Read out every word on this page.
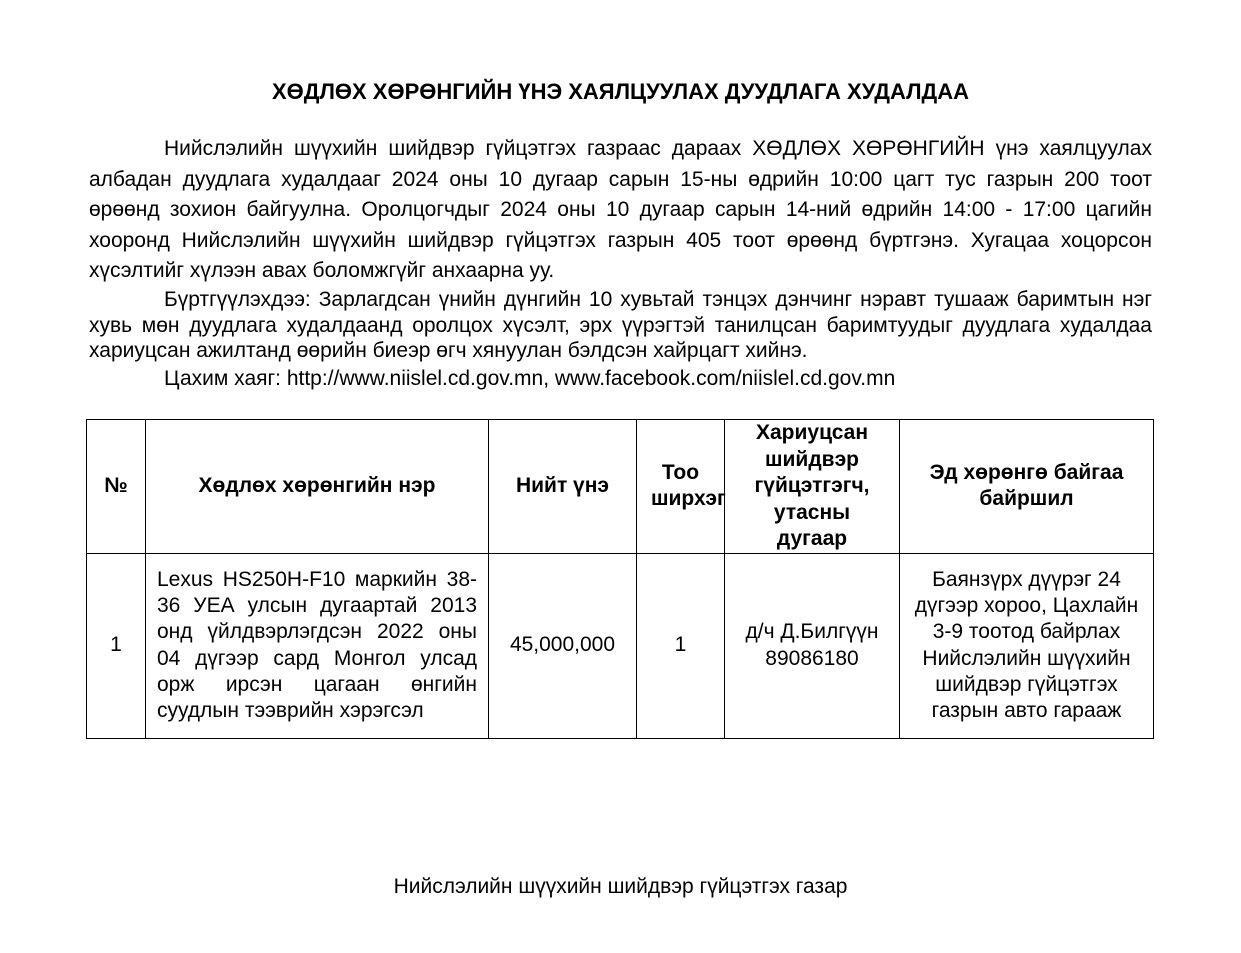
ХӨДЛӨХ ХӨРӨНГИЙН ҮНЭ ХАЯЛЦУУЛАХ ДУУДЛАГА ХУДАЛДАА

Нийслэлийн шүүхийн шийдвэр гүйцэтгэх газраас дараах ХӨДЛӨХ ХӨРӨНГИЙН үнэ хаялцуулах албадан дуудлага худалдааг 2024 оны 10 дугаар сарын 15-ны өдрийн 10:00 цагт тус газрын 200 тоот өрөөнд зохион байгуулна. Оролцогчдыг 2024 оны 10 дугаар сарын 14-ний өдрийн 14:00 - 17:00 цагийн хооронд Нийслэлийн шүүхийн шийдвэр гүйцэтгэх газрын 405 тоот өрөөнд бүртгэнэ. Хугацаа хоцорсон хүсэлтийг хүлээн авах боломжгүйг анхаарна уу.

Бүртгүүлэхдээ: Зарлагдсан үнийн дүнгийн 10 хувьтай тэнцэх дэнчинг нэравт тушааж баримтын нэг хувь мөн дуудлага худалдаанд оролцох хүсэлт, эрх үүрэгтэй танилцсан баримтуудыг дуудлага худалдаа хариуцсан ажилтанд өөрийн биеэр өгч хянуулан бэлдсэн хайрцагт хийнэ.

Цахим хаяг: http://www.niislel.cd.gov.mn, www.facebook.com/niislel.cd.gov.mn

№	Хөдлөх хөрөнгийн нэр	Нийт үнэ	Тоо ширхэг	Хариуцсан шийдвэр гүйцэтгэгч, утасны дугаар	Эд хөрөнгө байгаа байршил
1	Lexus HS250H-F10 маркийн 38-36 УЕА улсын дугаартай 2013 онд үйлдвэрлэгдсэн 2022 оны 04 дүгээр сард Монгол улсад орж ирсэн цагаан өнгийн суудлын тээврийн хэрэгсэл	45,000,000	1	д/ч Д.Билгүүн 89086180	Баянзүрх дүүрэг 24 дүгээр хороо, Цахлайн 3-9 тоотод байрлах Нийслэлийн шүүхийн шийдвэр гүйцэтгэх газрын авто гарааж
Нийслэлийн шүүхийн шийдвэр гүйцэтгэх газар
